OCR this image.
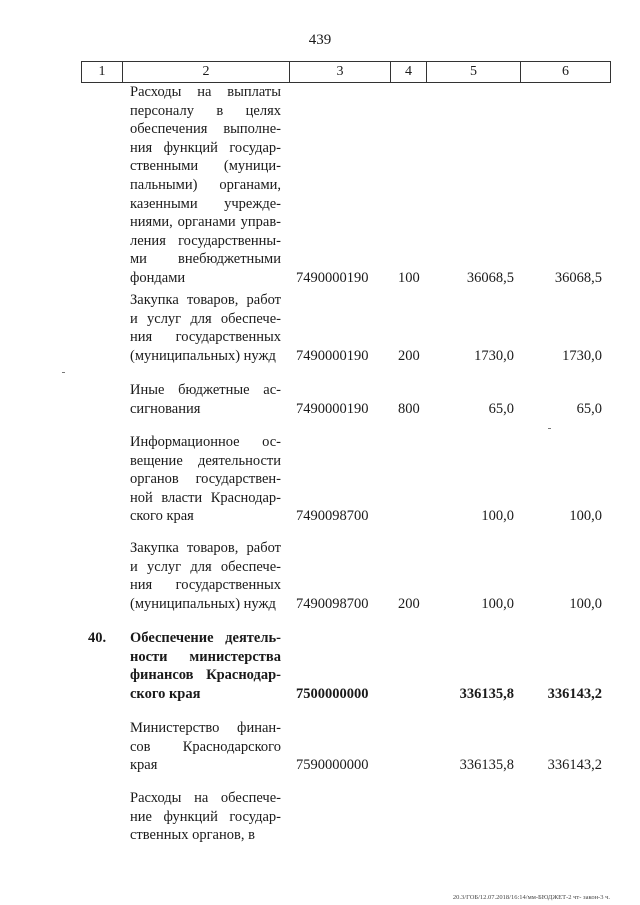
439
1	2	3	4	5	6
Расходы на выплаты
персоналу в целях
обеспечения выполне-
ния функций государ-
ственными (муници-
пальными) органами,
казенными учрежде-
ниями, органами управ-
ления государственны-
ми внебюджетными
фондами	7490000190 100	36068,5	36068,5
Закупка товаров, работ
и услуг для обеспече-
ния государственных
(муниципальных) нужд	7490000190 200	1730,0	1730,0
Иные бюджетные ас-
сигнования	7490000190 800	65,0	65,0
Информационное ос-
вещение деятельности
органов государствен-
ной власти Краснодар-
ского края	7490098700	100,0	100,0
Закупка товаров, работ
и услуг для обеспече-
ния государственных
(муниципальных) нужд	7490098700 200	100,0	100,0
40.	Обеспечение деятель-
ности министерства
финансов Краснодар-
ского края	7500000000	336135,8 336143,2
Министерство финан-
сов Краснодарского
края	7590000000	336135,8 336143,2
Расходы на обеспече-
ние функций государ-
ственных органов, в
20.3/ГОБ/12.07.2018/16:14/мм-БЮДЖЕТ-2 чт- закон-3 ч.
